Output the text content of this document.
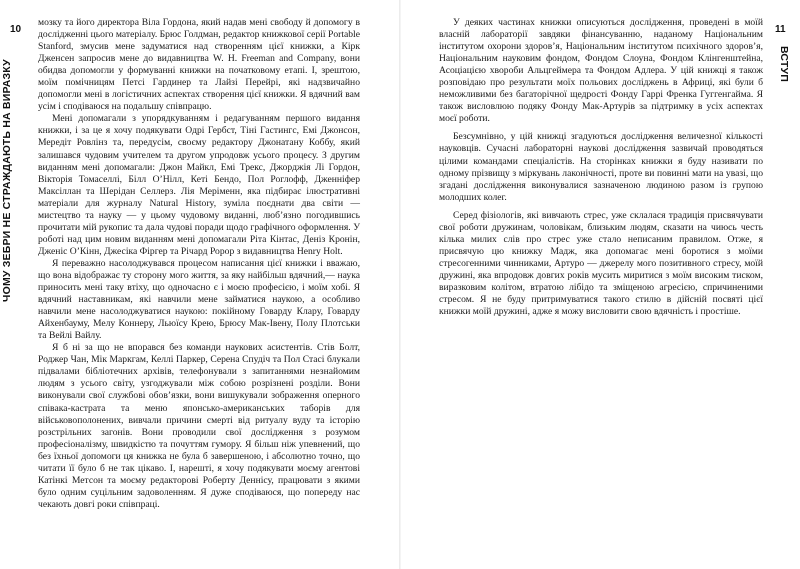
10
ЧОМУ ЗЕБРИ НЕ СТРАЖДАЮТЬ НА ВИРАЗКУ

мозку та його директора Віла Гордона, який надав мені свободу й допомогу в дослідженні цього матеріалу. Брюс Голдман, редактор книжкової серії Portable Stanford, змусив мене задуматися над створенням цієї книжки, а Кірк Дженсен запросив мене до видавництва W. H. Freeman and Company, вони обидва допомогли у формуванні книжки на початковому етапі. І, зрештою, моїм помічницям Петсі Гардинер та Лайзі Перейрі, які надзвичайно допомогли мені в логістичних аспектах створення цієї книжки. Я вдячний вам усім і сподіваюся на подальшу співпрацю.

Мені допомагали з упорядкуванням і редагуванням першого видання книжки, і за це я хочу подякувати Одрі Гербст, Тіні Гастингс, Емі Джонсон, Мередіт Ровлінз та, передусім, своєму редактору Джонатану Коббу, який залишався чудовим учителем та другом упродовж усього процесу. З другим виданням мені допомагали: Джон Майкл, Емі Трекс, Джорджія Лі Гордон, Вікторія Томаселлі, Білл О’Нілл, Кеті Бендо, Пол Роглофф, Дженніфер Максіллан та Шерідан Селлерз. Лія Меріменн, яка підбирає ілюстративні матеріали для журналу Natural History, зуміла поєднати два світи — мистецтво та науку — у цьому чудовому виданні, люб’язно погодившись прочитати мій рукопис та дала чудові поради щодо графічного оформлення. У роботі над цим новим виданням мені допомагали Ріта Кінтас, Деніз Кронін, Дженіс О’Кінн, Джесіка Фіргер та Річард Ророр з видавництва Henry Holt.

Я переважно насолоджувався процесом написання цієї книжки і вважаю, що вона відображає ту сторону мого життя, за яку найбільш вдячний,— наука приносить мені таку втіху, що одночасно є і моєю професією, і моїм хобі. Я вдячний наставникам, які навчили мене займатися наукою, а особливо навчили мене насолоджуватися наукою: покійному Говарду Клару, Говарду Айхенбауму, Мелу Коннеру, Льюїсу Крею, Брюсу Мак-Івену, Полу Плотськи та Вейлі Вайлу.

Я б ні за що не впорався без команди наукових асистентів. Стів Болт, Роджер Чан, Мік Маркгам, Келлі Паркер, Серена Спудіч та Пол Стасі блукали підвалами бібліотечних архівів, телефонували з запитаннями незнайомим людям з усього світу, узгоджували між собою розрізнені розділи. Вони виконували свої службові обов’язки, вони вишукували зображення оперного співака-кастрата та меню японсько-американських таборів для військовополонених, вивчали причини смерті від ритуалу вуду та історію розстрільних загонів. Вони проводили свої дослідження з розумом професіоналізму, швидкістю та почуттям гумору. Я більш ніж упевнений, що без їхньої допомоги ця книжка не була б завершеною, і абсолютно точно, що читати її було б не так цікаво. І, нарешті, я хочу подякувати моєму агентові Катінкі Метсон та моєму редакторові Роберту Деннісу, працювати з якими було одним суцільним задоволенням. Я дуже сподіваюся, що попереду нас чекають довгі роки співпраці.

11
ВСТУП

У деяких частинах книжки описуються дослідження, проведені в моїй власній лабораторії завдяки фінансуванню, наданому Національним інститутом охорони здоров’я, Національним інститутом психічного здоров’я, Національним науковим фондом, Фондом Слоуна, Фондом Клінгенштейна, Асоціацією хвороби Альцгеймера та Фондом Адлера. У цій книжці я також розповідаю про результати моїх польових досліджень в Африці, які були б неможливими без багаторічної щедрості Фонду Гаррі Френка Гуггенгайма. Я також висловлюю подяку Фонду Мак-Артурів за підтримку в усіх аспектах моєї роботи.

Безсумнівно, у цій книжці згадуються дослідження величезної кількості науковців. Сучасні лабораторні наукові дослідження зазвичай проводяться цілими командами спеціалістів. На сторінках книжки я буду називати по одному прізвищу з міркувань лаконічності, проте ви повинні мати на увазі, що згадані дослідження виконувалися зазначеною людиною разом із групою молодших колег.

Серед фізіологів, які вивчають стрес, уже склалася традиція присвячувати свої роботи дружинам, чоловікам, близьким людям, сказати на чиюсь честь кілька милих слів про стрес уже стало неписаним правилом. Отже, я присвячую цю книжку Мадж, яка допомагає мені боротися з моїми стресогенними чинниками, Артуро — джерелу мого позитивного стресу, моїй дружині, яка впродовж довгих років мусить миритися з моїм високим тиском, виразковим колітом, втратою лібідо та зміщеною агресією, спричиненими стресом. Я не буду притримуватися такого стилю в дійсній посвяті цієї книжки моїй дружині, адже я можу висловити свою вдячність і простіше.
